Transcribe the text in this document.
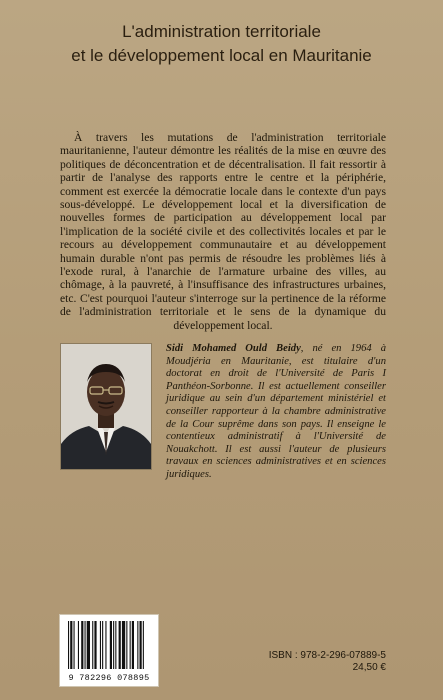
L'administration territoriale
et le développement local en Mauritanie

À travers les mutations de l'administration territoriale mauritanienne, l'auteur démontre les réalités de la mise en œuvre des politiques de déconcentration et de décentralisation. Il fait ressortir à partir de l'analyse des rapports entre le centre et la périphérie, comment est exercée la démocratie locale dans le contexte d'un pays sous-développé. Le développement local et la diversification de nouvelles formes de participation au développement local par l'implication de la société civile et des collectivités locales et par le recours au développement communautaire et au développement humain durable n'ont pas permis de résoudre les problèmes liés à l'exode rural, à l'anarchie de l'armature urbaine des villes, au chômage, à la pauvreté, à l'insuffisance des infrastructures urbaines, etc. C'est pourquoi l'auteur s'interroge sur la pertinence de la réforme de l'administration territoriale et le sens de la dynamique du développement local.

Sidi Mohamed Ould Beidy, né en 1964 à Moudjéria en Mauritanie, est titulaire d'un doctorat en droit de l'Université de Paris I Panthéon-Sorbonne. Il est actuellement conseiller juridique au sein d'un département ministériel et conseiller rapporteur à la chambre administrative de la Cour suprême dans son pays. Il enseigne le contentieux administratif à l'Université de Nouakchott. Il est aussi l'auteur de plusieurs travaux en sciences administratives et en sciences juridiques.
9 782296 078895
ISBN : 978-2-296-07889-5
24,50 €
